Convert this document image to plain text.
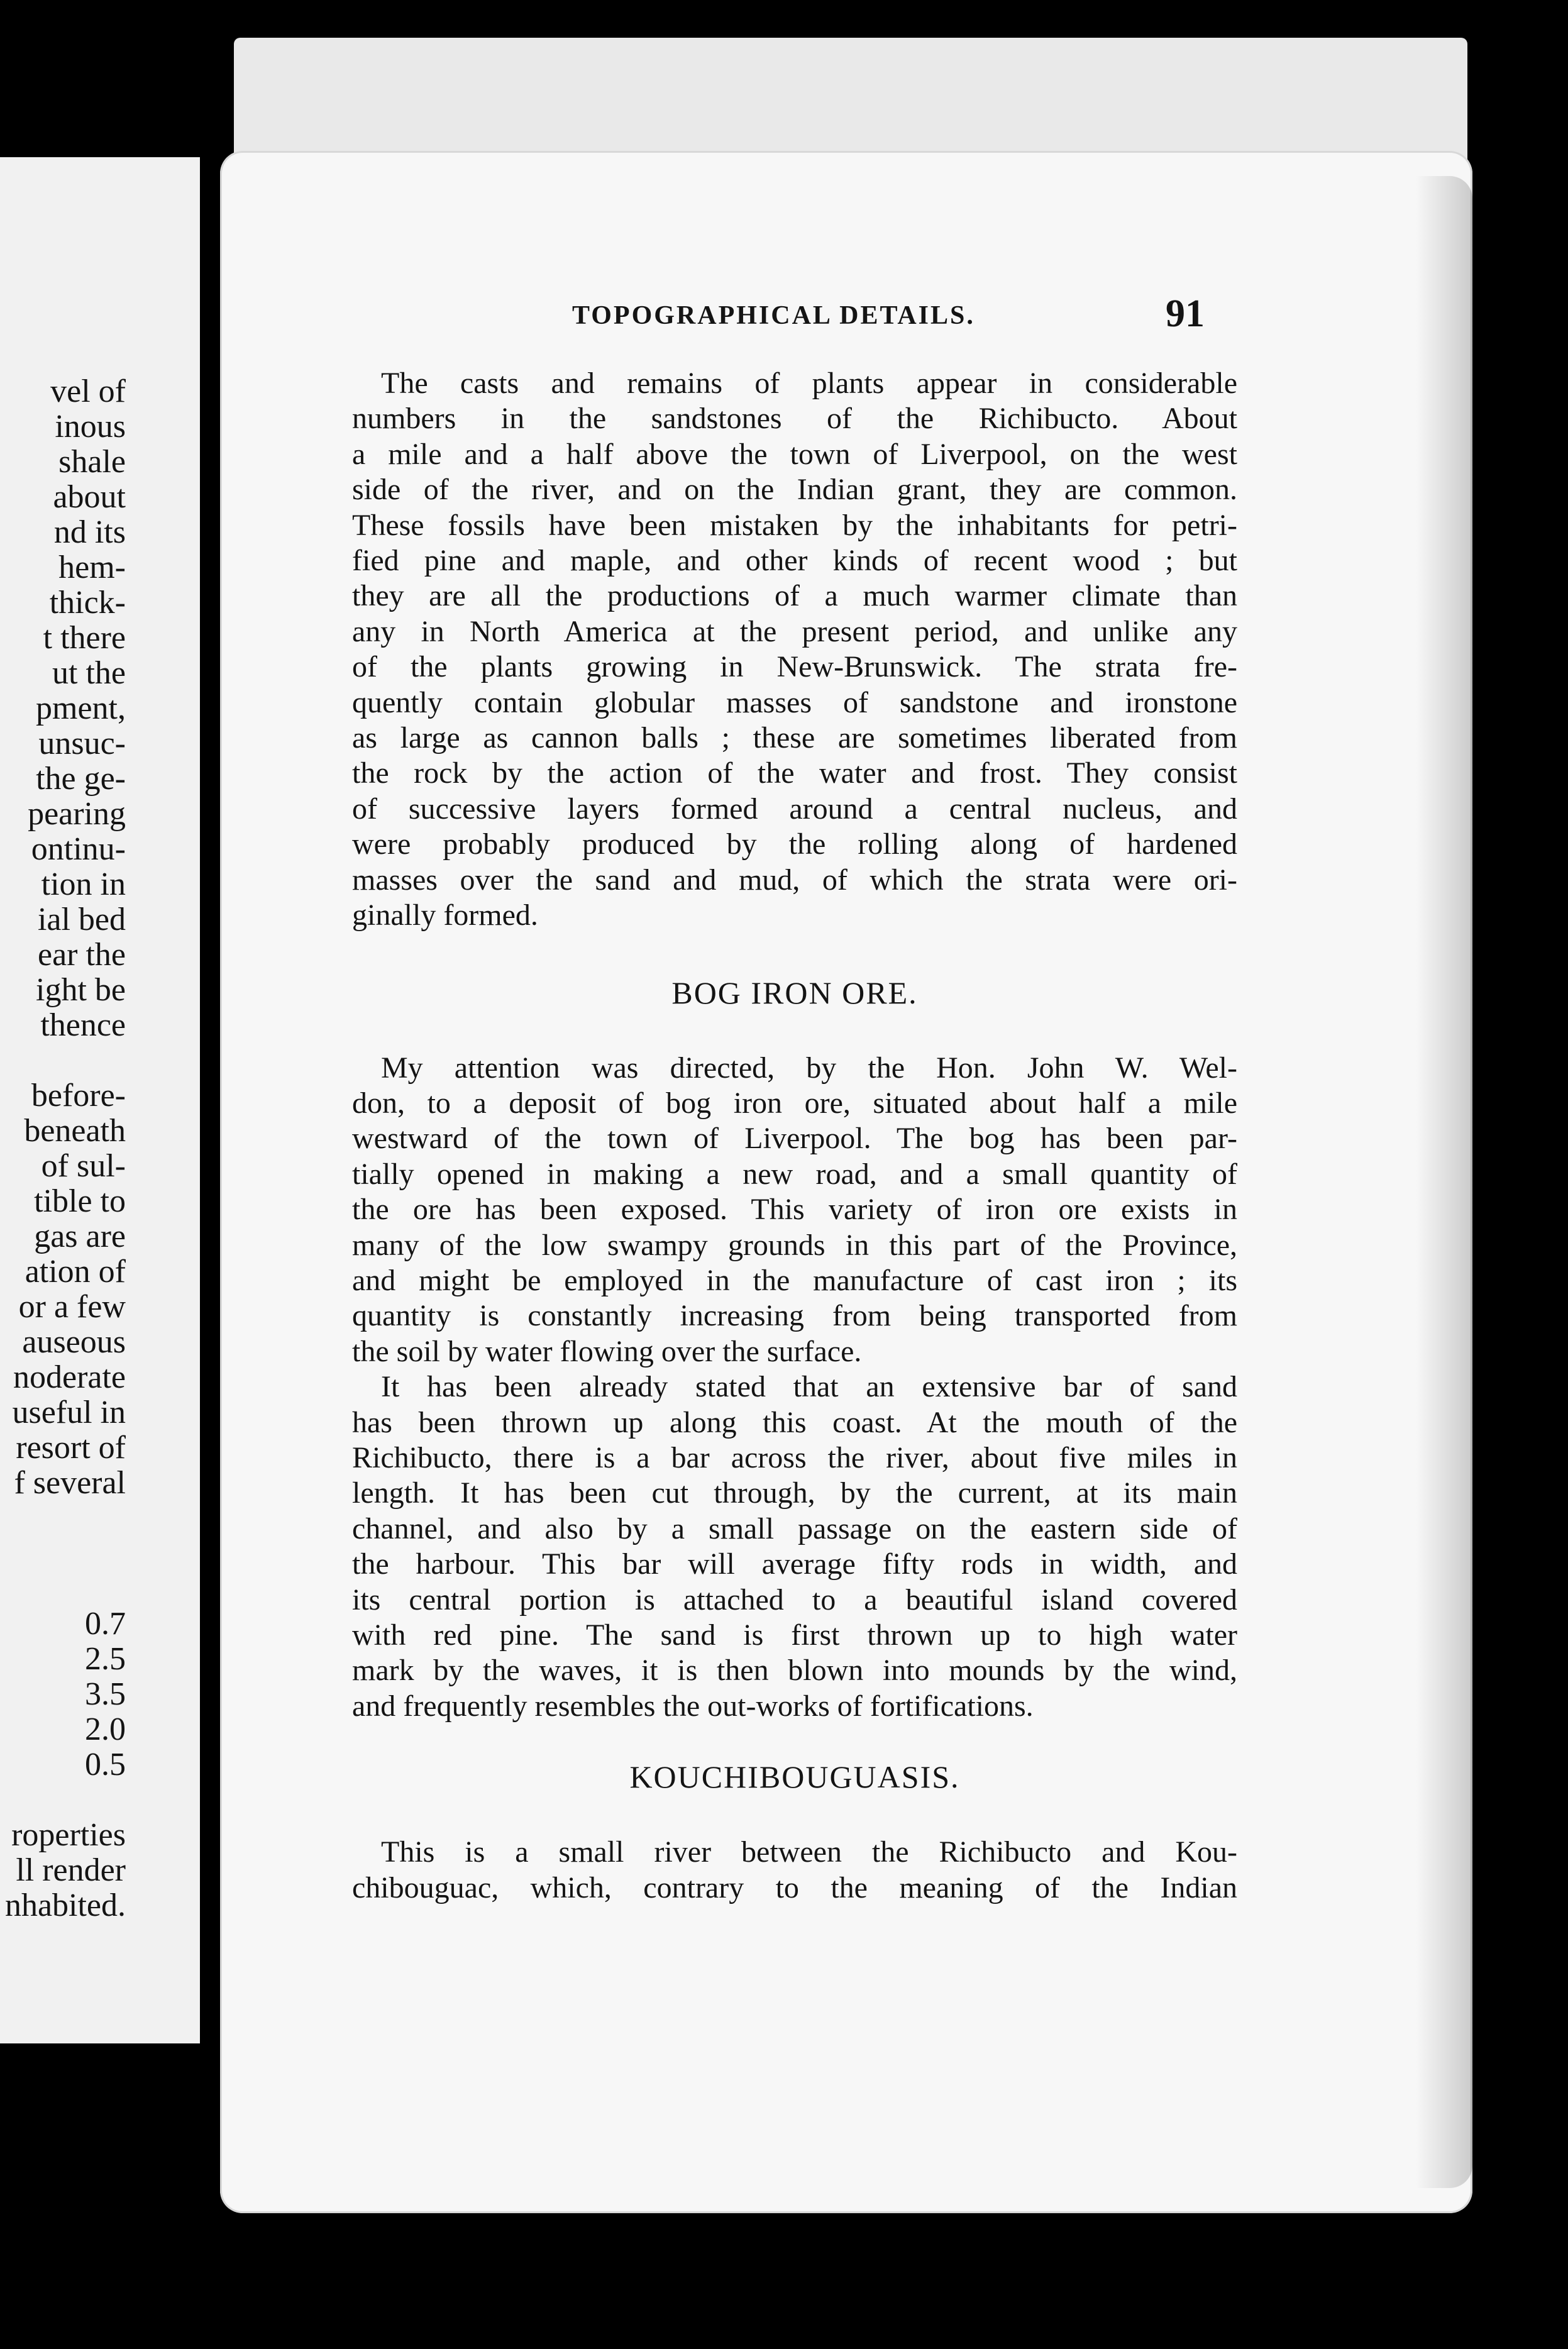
vel of
inous
shale
about
nd its
hem-
thick-
t there
ut the
pment,
unsuc-
the ge-
pearing
ontinu-
tion in
ial bed
ear the
ight be
thence

before-
beneath
of sul-
tible to
gas are
ation of
or a few
auseous
noderate
useful in
resort of
f several

0.7
2.5
3.5
2.0
0.5

roperties
ll render
nhabited.
TOPOGRAPHICAL DETAILS.	91

The casts and remains of plants appear in considerable
numbers in the sandstones of the Richibucto. About
a mile and a half above the town of Liverpool, on the west
side of the river, and on the Indian grant, they are common.
These fossils have been mistaken by the inhabitants for petri-
fied pine and maple, and other kinds of recent wood ; but
they are all the productions of a much warmer climate than
any in North America at the present period, and unlike any
of the plants growing in New-Brunswick. The strata fre-
quently contain globular masses of sandstone and ironstone
as large as cannon balls ; these are sometimes liberated from
the rock by the action of the water and frost. They consist
of successive layers formed around a central nucleus, and
were probably produced by the rolling along of hardened
masses over the sand and mud, of which the strata were ori-
ginally formed.

BOG IRON ORE.

My attention was directed, by the Hon. John W. Wel-
don, to a deposit of bog iron ore, situated about half a mile
westward of the town of Liverpool. The bog has been par-
tially opened in making a new road, and a small quantity of
the ore has been exposed. This variety of iron ore exists in
many of the low swampy grounds in this part of the Province,
and might be employed in the manufacture of cast iron ; its
quantity is constantly increasing from being transported from
the soil by water flowing over the surface.

It has been already stated that an extensive bar of sand
has been thrown up along this coast. At the mouth of the
Richibucto, there is a bar across the river, about five miles in
length. It has been cut through, by the current, at its main
channel, and also by a small passage on the eastern side of
the harbour. This bar will average fifty rods in width, and
its central portion is attached to a beautiful island covered
with red pine. The sand is first thrown up to high water
mark by the waves, it is then blown into mounds by the wind,
and frequently resembles the out-works of fortifications.

KOUCHIBOUGUASIS.

This is a small river between the Richibucto and Kou-
chibouguac, which, contrary to the meaning of the Indian
